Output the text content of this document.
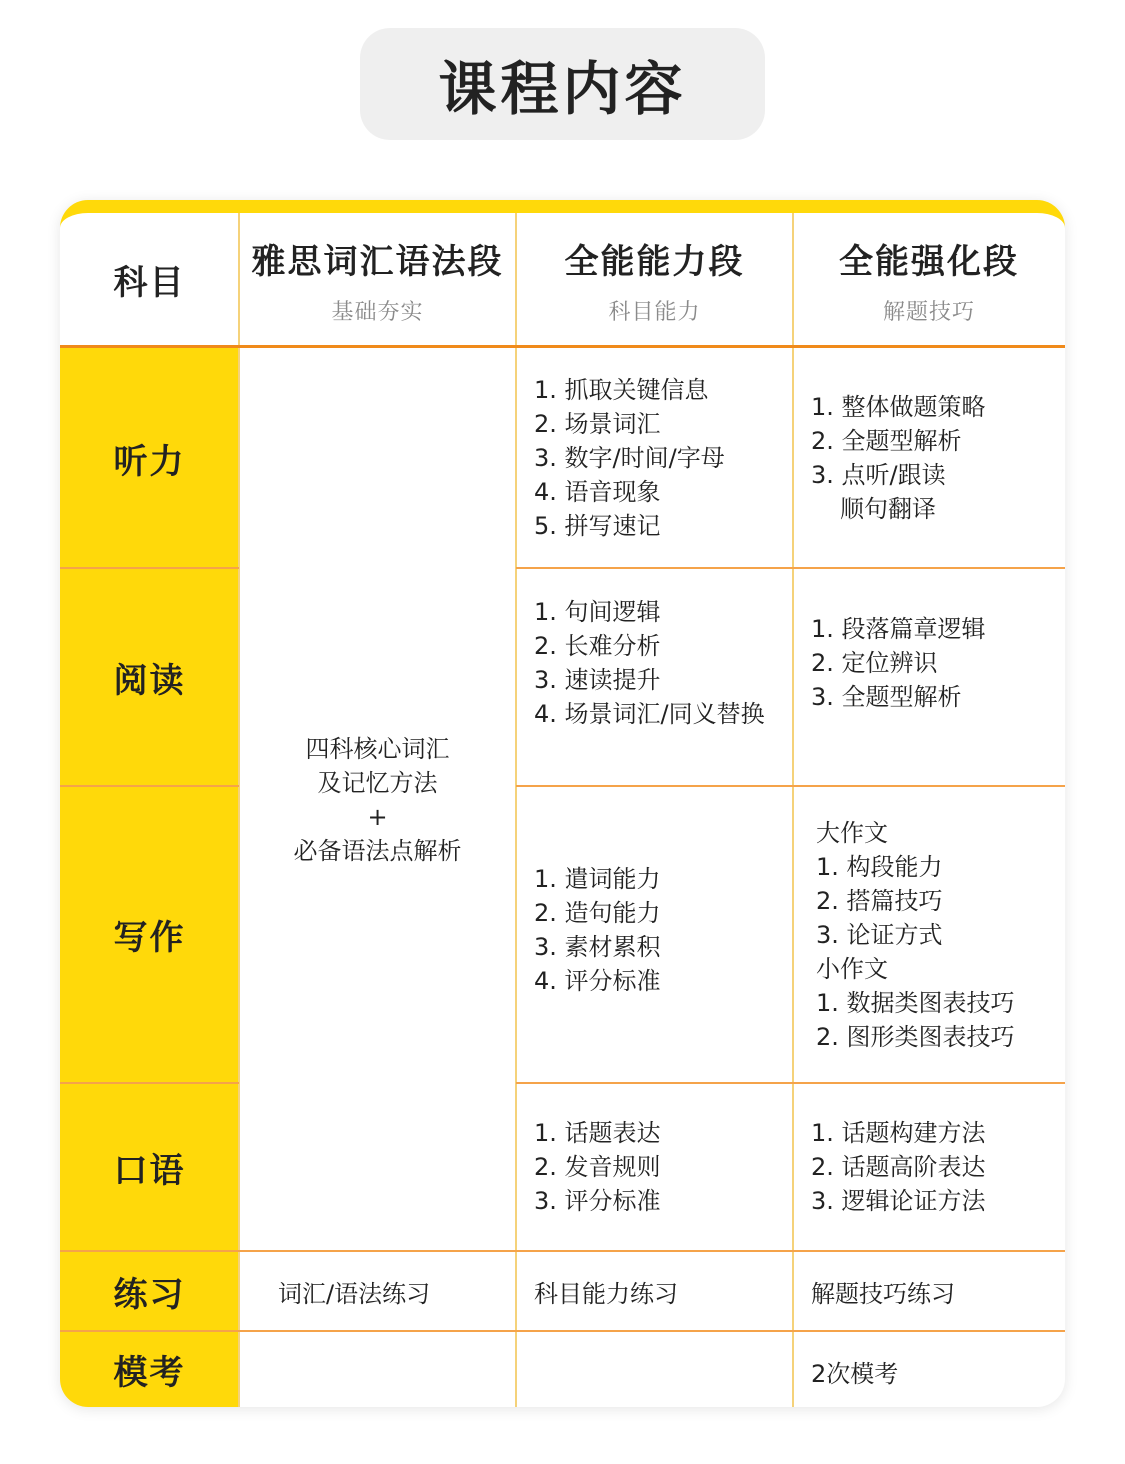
课程内容
科目
雅思词汇语法段
基础夯实
全能能力段
科目能力
全能强化段
解题技巧
听力
阅读
写作
口语
练习
模考
四科核心词汇
及记忆方法
+
必备语法点解析
1. 抓取关键信息
2. 场景词汇
3. 数字/时间/字母
4. 语音现象
5. 拼写速记
1. 整体做题策略
2. 全题型解析
3. 点听/跟读
顺句翻译
1. 句间逻辑
2. 长难分析
3. 速读提升
4. 场景词汇/同义替换
1. 段落篇章逻辑
2. 定位辨识
3. 全题型解析
1. 遣词能力
2. 造句能力
3. 素材累积
4. 评分标准
大作文
1. 构段能力
2. 搭篇技巧
3. 论证方式
小作文
1. 数据类图表技巧
2. 图形类图表技巧
1. 话题表达
2. 发音规则
3. 评分标准
1. 话题构建方法
2. 话题高阶表达
3. 逻辑论证方法
词汇/语法练习	科目能力练习	解题技巧练习
2次模考
